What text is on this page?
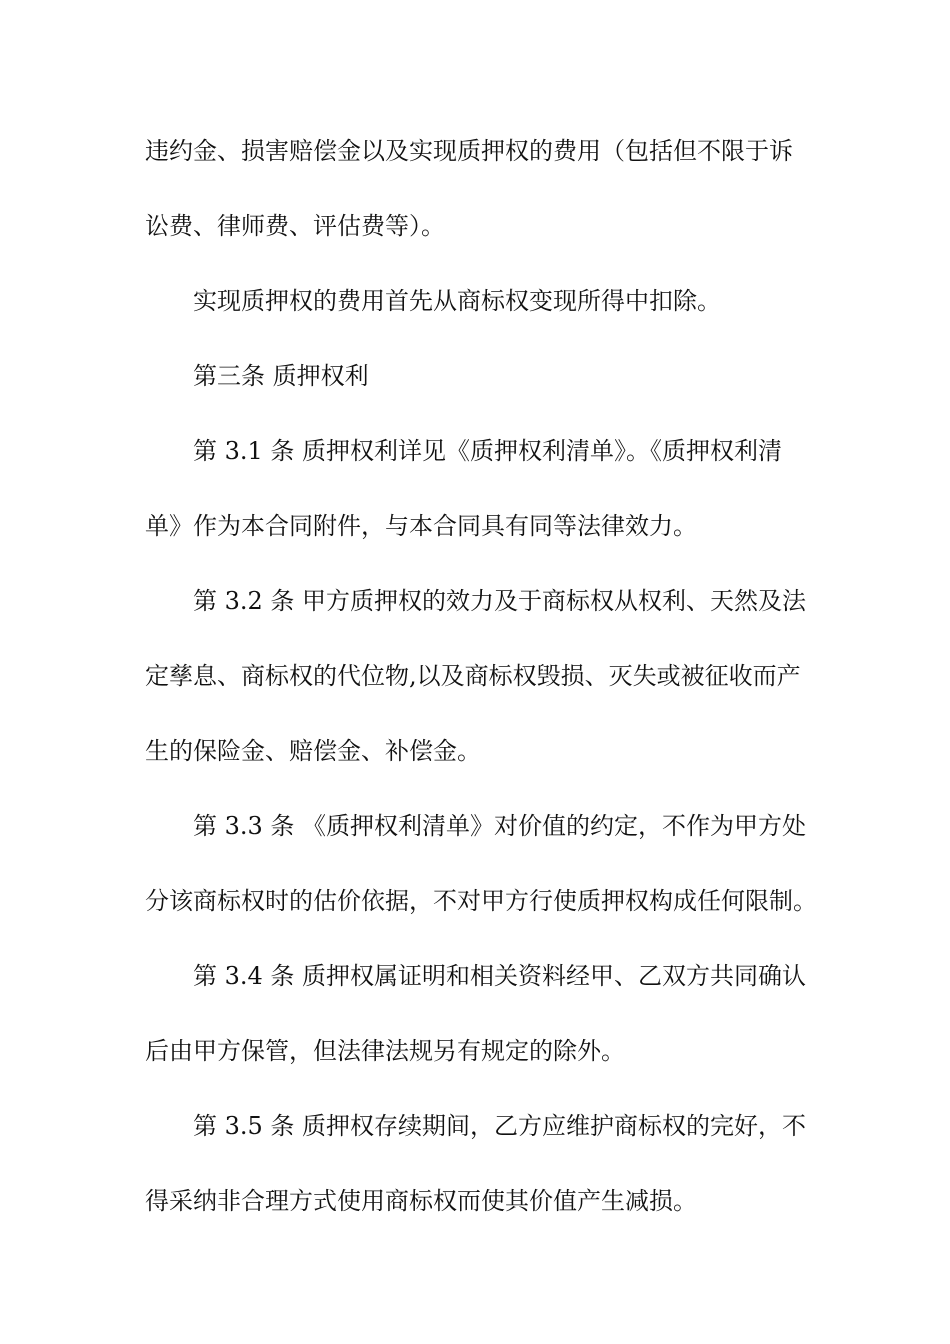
违约金、损害赔偿金以及实现质押权的费用（包括但不限于诉
讼费、律师费、评估费等）。
实现质押权的费用首先从商标权变现所得中扣除。
第三条 质押权利
第 3.1 条 质押权利详见《质押权利清单》。《质押权利清
单》作为本合同附件，与本合同具有同等法律效力。
第 3.2 条 甲方质押权的效力及于商标权从权利、天然及法
定孳息、商标权的代位物,以及商标权毁损、灭失或被征收而产
生的保险金、赔偿金、补偿金。
第 3.3 条 《质押权利清单》对价值的约定，不作为甲方处
分该商标权时的估价依据，不对甲方行使质押权构成任何限制。
第 3.4 条 质押权属证明和相关资料经甲、乙双方共同确认
后由甲方保管，但法律法规另有规定的除外。
第 3.5 条 质押权存续期间，乙方应维护商标权的完好，不
得采纳非合理方式使用商标权而使其价值产生减损。
